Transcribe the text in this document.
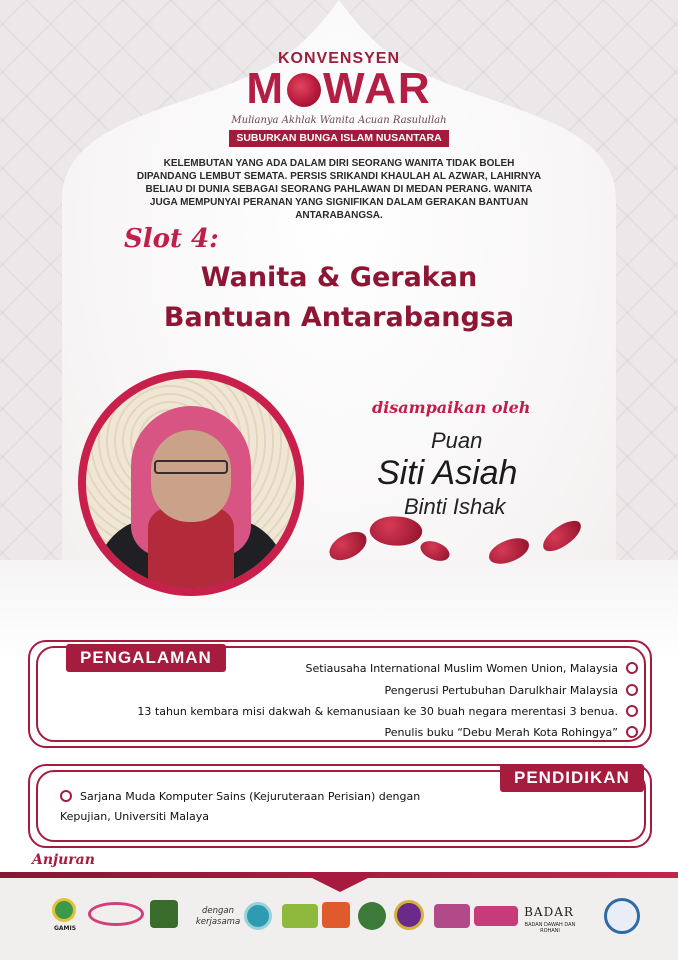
KONVENSYEN
M WAR
Mulianya Akhlak Wanita Acuan Rasulullah
SUBURKAN BUNGA ISLAM NUSANTARA
KELEMBUTAN YANG ADA DALAM DIRI SEORANG WANITA TIDAK BOLEH DIPANDANG LEMBUT SEMATA. PERSIS SRIKANDI KHAULAH AL AZWAR, LAHIRNYA BELIAU DI DUNIA SEBAGAI SEORANG PAHLAWAN DI MEDAN PERANG. WANITA JUGA MEMPUNYAI PERANAN YANG SIGNIFIKAN DALAM GERAKAN BANTUAN ANTARABANGSA.
Slot 4:
Wanita & Gerakan
Bantuan Antarabangsa
disampaikan oleh
Puan
Siti Asiah
Binti Ishak
PENGALAMAN
Setiausaha International Muslim Women Union, Malaysia
Pengerusi Pertubuhan Darulkhair Malaysia
13 tahun kembara misi dakwah & kemanusiaan ke 30 buah negara merentasi 3 benua.
Penulis buku “Debu Merah Kota Rohingya”
PENDIDIKAN
Sarjana Muda Komputer Sains (Kejuruteraan Perisian) dengan
Kepujian, Universiti Malaya
Anjuran
GAMIS
dengan kerjasama
BADAR
BADAN DAWAH DAN ROHANI
